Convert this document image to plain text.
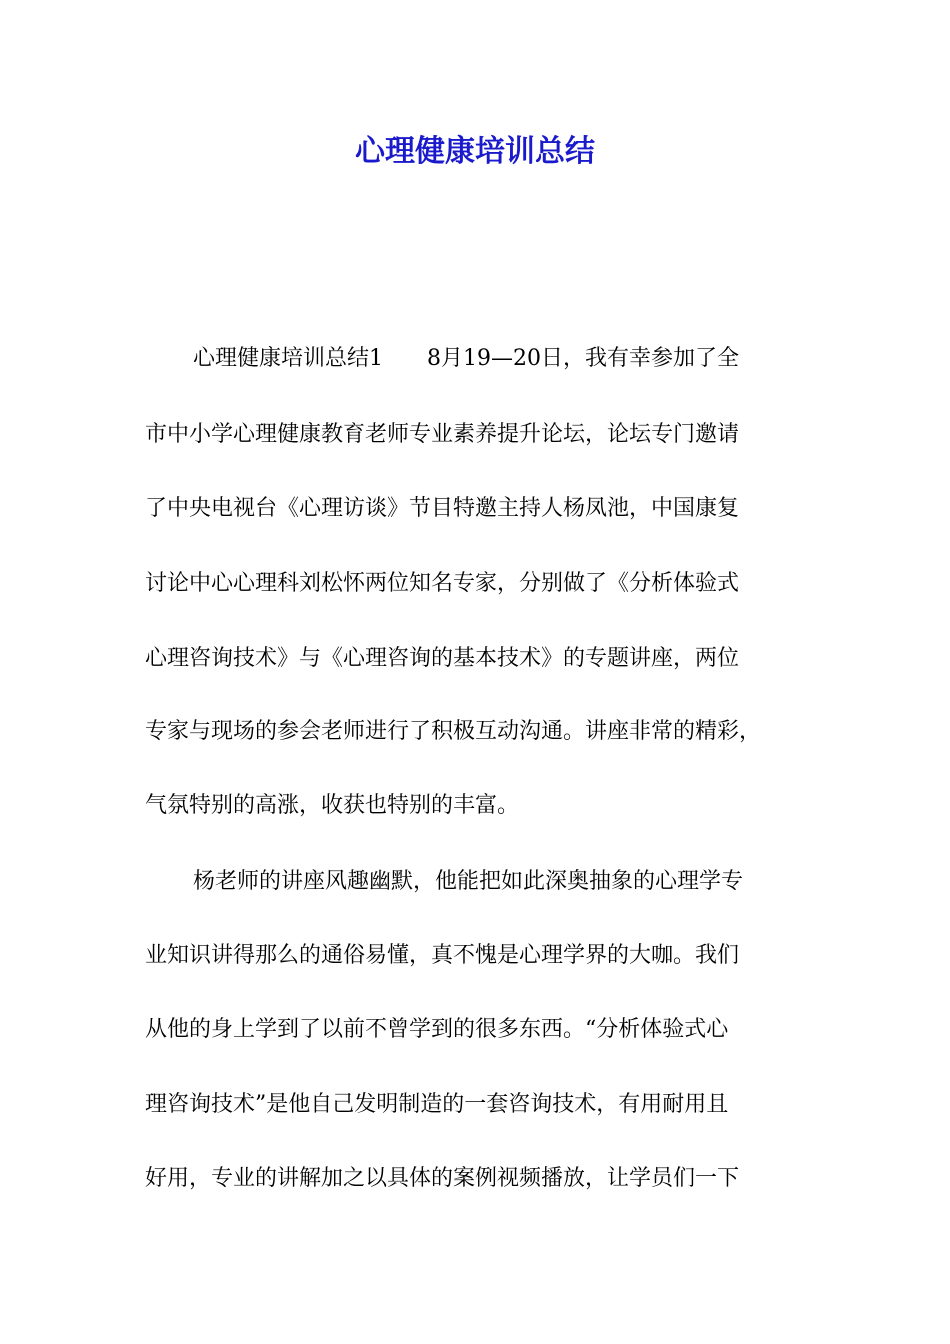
心理健康培训总结

心理健康培训总结1　　8月19—20日，我有幸参加了全

市中小学心理健康教育老师专业素养提升论坛，论坛专门邀请

了中央电视台《心理访谈》节目特邀主持人杨凤池，中国康复

讨论中心心理科刘松怀两位知名专家，分别做了《分析体验式

心理咨询技术》与《心理咨询的基本技术》的专题讲座，两位

专家与现场的参会老师进行了积极互动沟通。讲座非常的精彩，

气氛特别的高涨，收获也特别的丰富。

杨老师的讲座风趣幽默，他能把如此深奥抽象的心理学专

业知识讲得那么的通俗易懂，真不愧是心理学界的大咖。我们

从他的身上学到了以前不曾学到的很多东西。“分析体验式心

理咨询技术”是他自己发明制造的一套咨询技术，有用耐用且

好用，专业的讲解加之以具体的案例视频播放，让学员们一下
